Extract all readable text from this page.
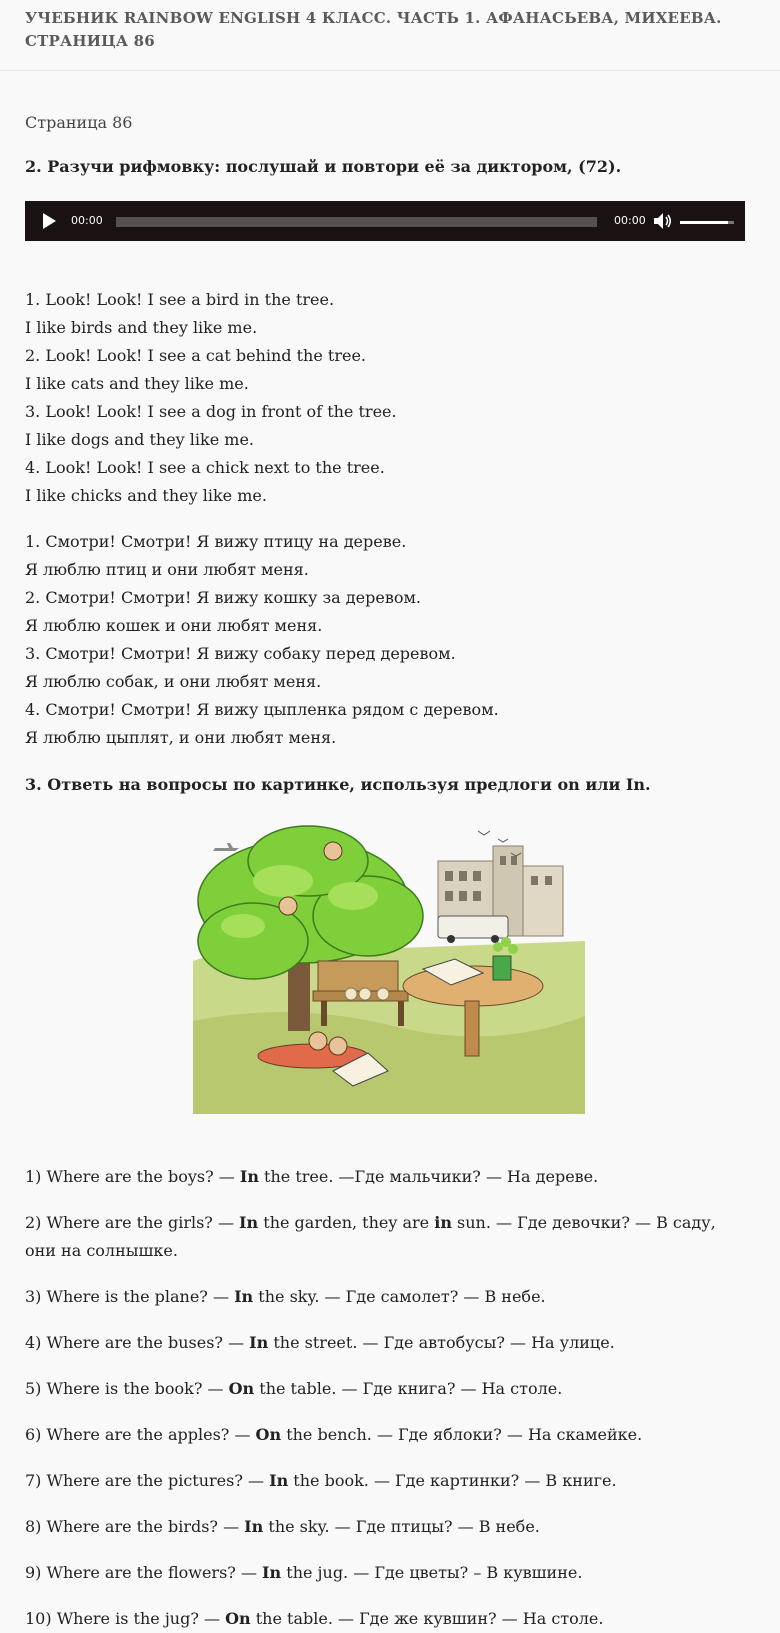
УЧЕБНИК RAINBOW ENGLISH 4 КЛАСС. ЧАСТЬ 1. АФАНАСЬЕВА, МИХЕЕВА. СТРАНИЦА 86
Страница 86
2. Разучи рифмовку: послушай и повтори её за диктором, (72).
00:00	00:00
1. Look! Look! I see a bird in the tree.
I like birds and they like me.
2. Look! Look! I see a cat behind the tree.
I like cats and they like me.
3. Look! Look! I see a dog in front of the tree.
I like dogs and they like me.
4. Look! Look! I see a chick next to the tree.
I like chicks and they like me.
1. Смотри! Смотри! Я вижу птицу на дереве.
Я люблю птиц и они любят меня.
2. Смотри! Смотри! Я вижу кошку за деревом.
Я люблю кошек и они любят меня.
3. Смотри! Смотри! Я вижу собаку перед деревом.
Я люблю собак, и они любят меня.
4. Смотри! Смотри! Я вижу цыпленка рядом с деревом.
Я люблю цыплят, и они любят меня.
3. Ответь на вопросы по картинке, используя предлоги on или In.
1) Where are the boys? — In the tree. —Где мальчики? — На дереве.
2) Where are the girls? — In the garden, they are in sun. — Где девочки? — В саду, они на солнышке.
3) Where is the plane? — In the sky. — Где самолет? — В небе.
4) Where are the buses? — In the street. — Где автобусы? — На улице.
5) Where is the book? — On the table. — Где книга? — На столе.
6) Where are the apples? — On the bench. — Где яблоки? — На скамейке.
7) Where are the pictures? — In the book. — Где картинки? — В книге.
8) Where are the birds? — In the sky. — Где птицы? — В небе.
9) Where are the flowers? — In the jug. — Где цветы? – В кувшине.
10) Where is the jug? — On the table. — Где же кувшин? — На столе.
